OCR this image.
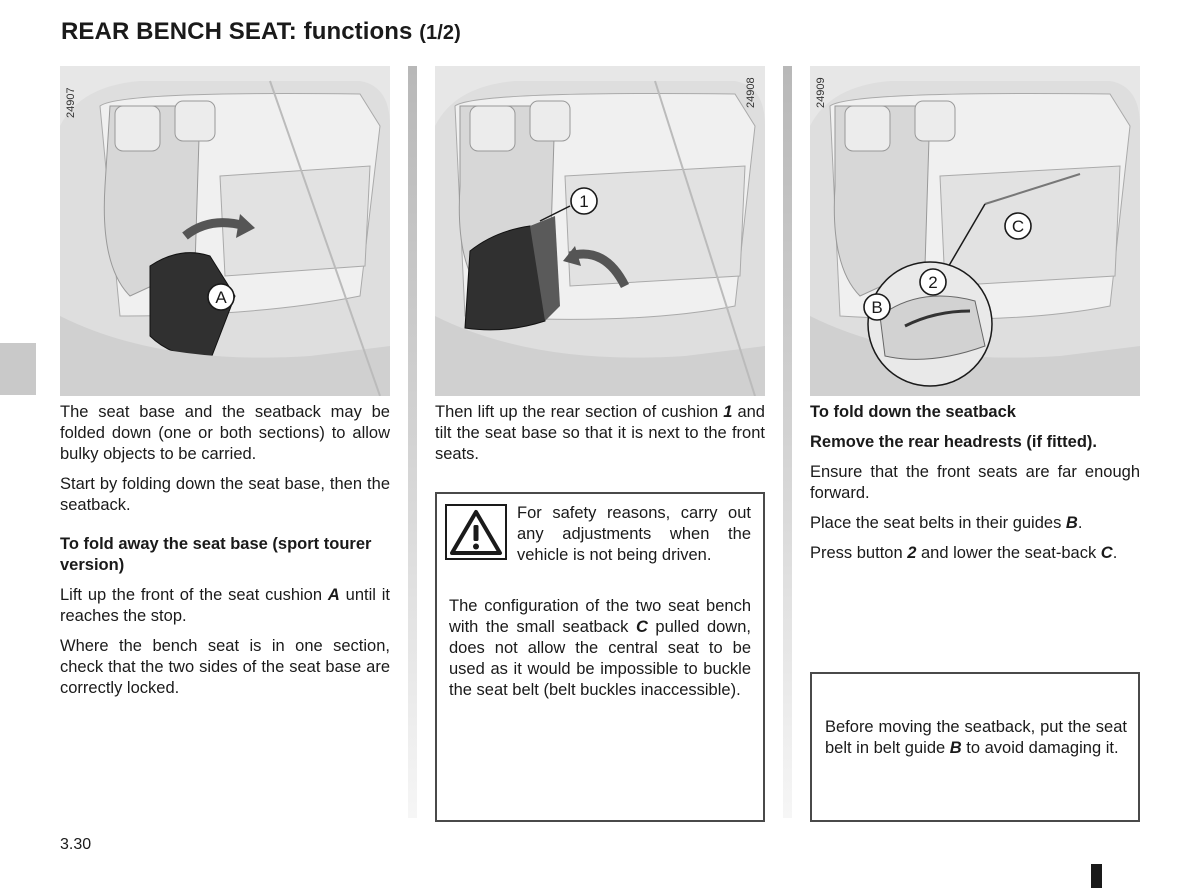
REAR BENCH SEAT: functions (1/2)
A
24907
1
24908
C
2
B
24909

The seat base and the seatback may be folded down (one or both sections) to allow bulky objects to be carried.

Start by folding down the seat base, then the seatback.

To fold away the seat base (sport tourer version)

Lift up the front of the seat cushion A until it reaches the stop.

Where the bench seat is in one section, check that the two sides of the seat base are correctly locked.

Then lift up the rear section of cushion 1 and tilt the seat base so that it is next to the front seats.

For safety reasons, carry out any adjustments when the vehicle is not being driven.

The configuration of the two seat bench with the small seatback C pulled down, does not allow the central seat to be used as it would be impossible to buckle the seat belt (belt buckles inaccessible).

To fold down the seatback

Remove the rear headrests (if fitted).

Ensure that the front seats are far enough forward.

Place the seat belts in their guides B.

Press button 2 and lower the seat-back C.

Before moving the seatback, put the seat belt in belt guide B to avoid damaging it.

3.30
